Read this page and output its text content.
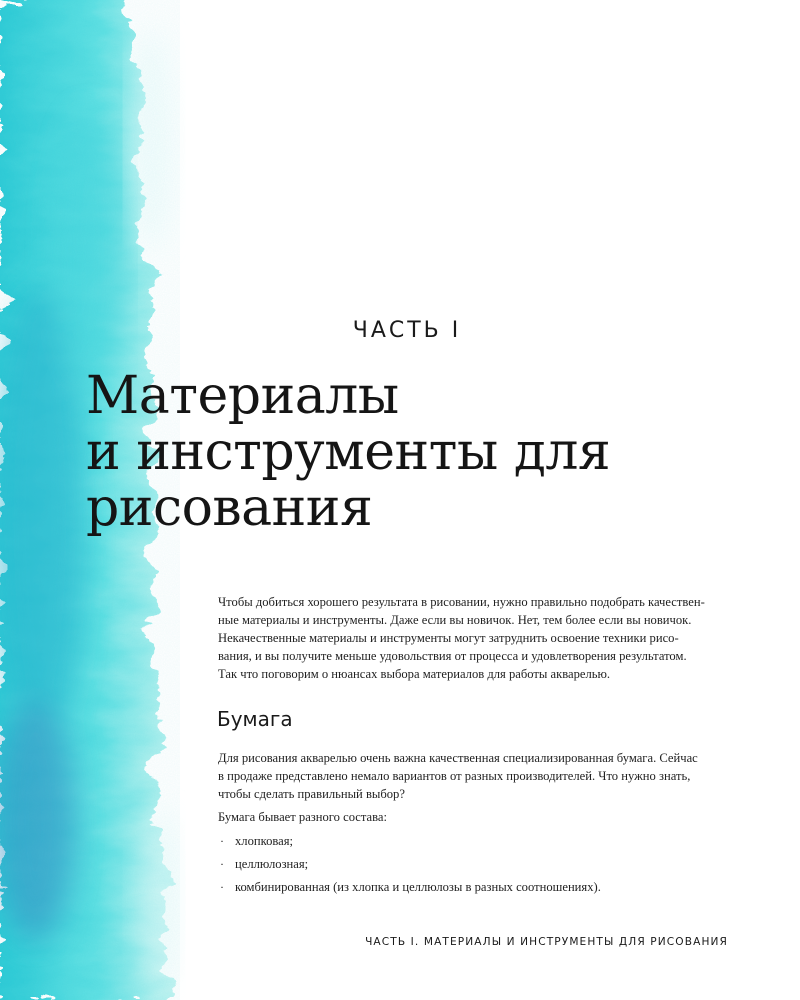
ЧАСТЬ I
Материалы
и инструменты для
рисования
Чтобы добиться хорошего результата в рисовании, нужно правильно подобрать качествен-
ные материалы и инструменты. Даже если вы новичок. Нет, тем более если вы новичок.
Некачественные материалы и инструменты могут затруднить освоение техники рисо-
вания, и вы получите меньше удовольствия от процесса и удовлетворения результатом.
Так что поговорим о нюансах выбора материалов для работы акварелью.
Бумага
Для рисования акварелью очень важна качественная специализированная бумага. Сейчас
в продаже представлено немало вариантов от разных производителей. Что нужно знать,
чтобы сделать правильный выбор?
Бумага бывает разного состава:
· хлопковая;
· целлюлозная;
· комбинированная (из хлопка и целлюлозы в разных соотношениях).
ЧАСТЬ I. МАТЕРИАЛЫ И ИНСТРУМЕНТЫ ДЛЯ РИСОВАНИЯ
